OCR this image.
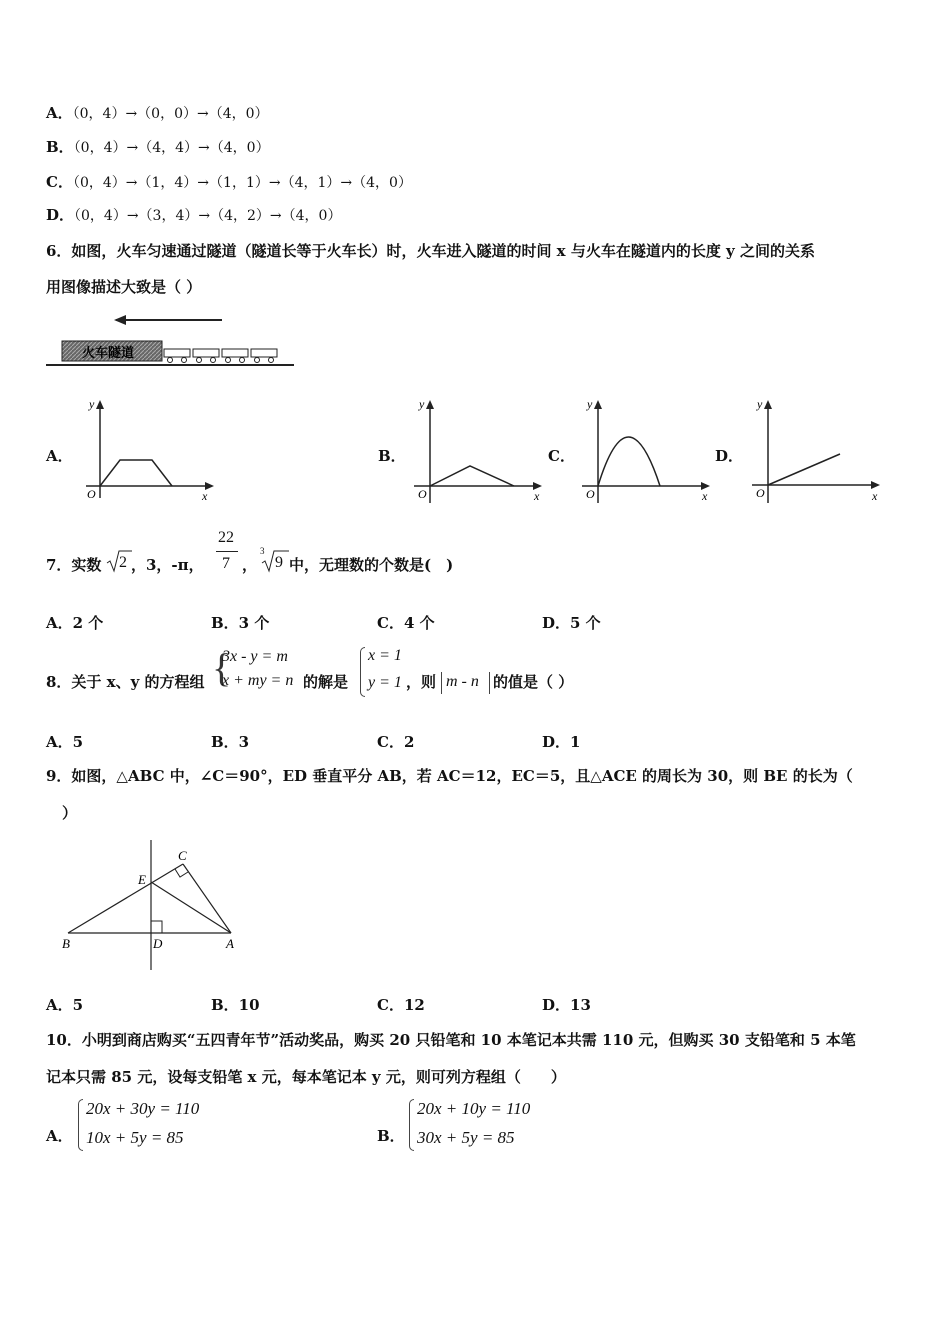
A．（0，4）→（0，0）→（4，0）
B．（0，4）→（4，4）→（4，0）
C．（0，4）→（1，4）→（1，1）→（4，1）→（4，0）
D．（0，4）→（3，4）→（4，2）→（4，0）
6．如图，火车匀速通过隧道（隧道长等于火车长）时，火车进入隧道的时间 x 与火车在隧道内的长度 y 之间的关系
用图像描述大致是（ ）
火车隧道
A．
y
x
O
B．
y
x
O
C．
y
x
O
D．
y
x
O
7．实数 2 ，3，-π，
22
7 ，
3
9 中，无理数的个数是(　)
A．2 个	B．3 个	C．4 个	D．5 个
8．关于 x、y 的方程组 {
3x - y = m
x + my = n 的解是
x = 1
y = 1 ，则 m - n 的值是（ ）
A．5	B．3	C．2	D．1
9．如图，△ABC 中，∠C＝90°，ED 垂直平分 AB，若 AC＝12，EC＝5，且△ACE 的周长为 30，则 BE 的长为（
）
C
E
B	D	A
A．5	B．10	C．12	D．13
10．小明到商店购买“五四青年节”活动奖品，购买 20 只铅笔和 10 本笔记本共需 110 元，但购买 30 支铅笔和 5 本笔
记本只需 85 元，设每支铅笔 x 元，每本笔记本 y 元，则可列方程组（　　）
A．
20x + 30y = 110
10x + 5y = 85	B．
20x + 10y = 110
30x + 5y = 85
